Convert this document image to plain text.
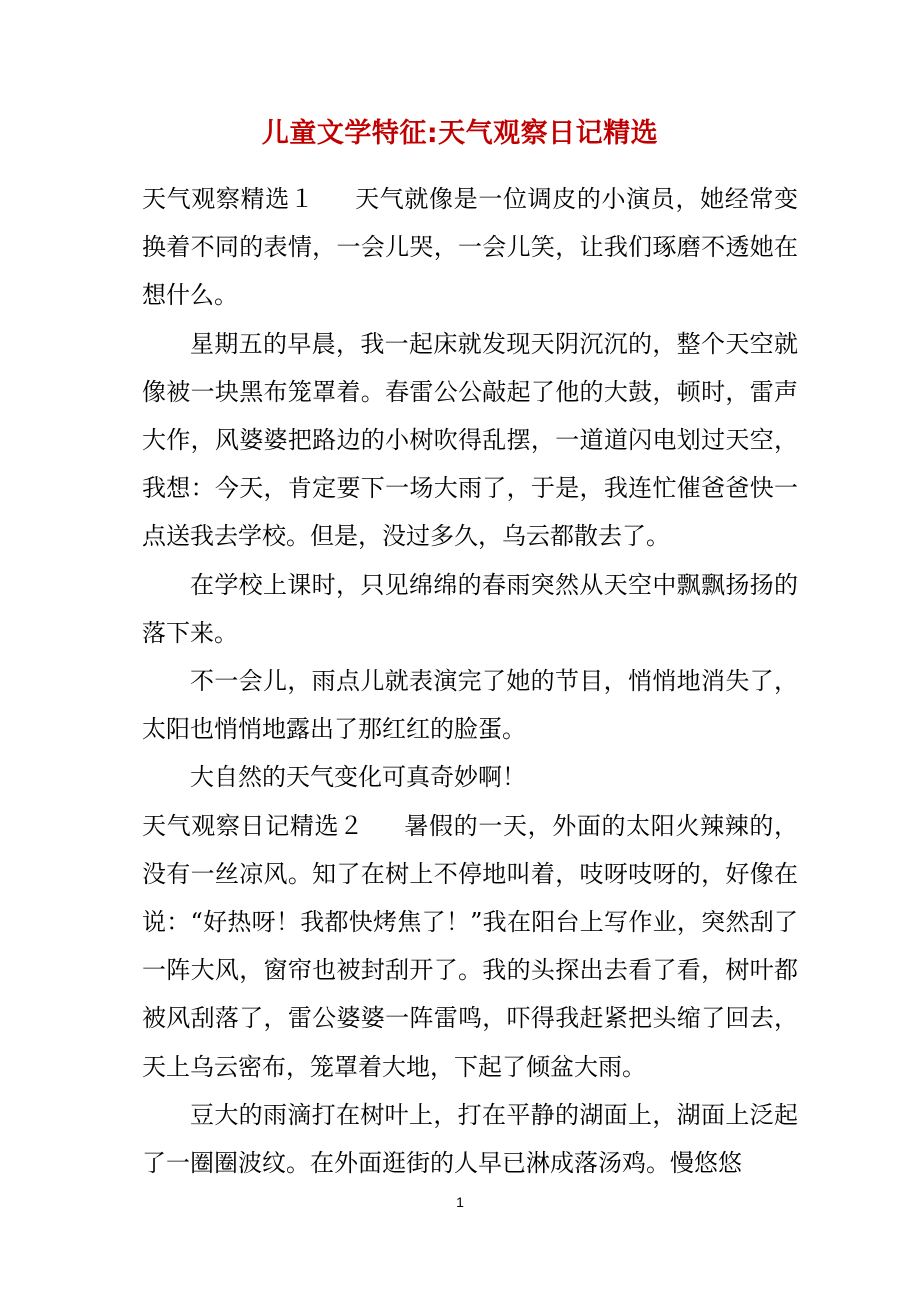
儿童文学特征:天气观察日记精选

天气观察精选１ 天气就像是一位调皮的小演员，她经常变换着不同的表情，一会儿哭，一会儿笑，让我们琢磨不透她在想什么。

星期五的早晨，我一起床就发现天阴沉沉的，整个天空就像被一块黑布笼罩着。春雷公公敲起了他的大鼓，顿时，雷声大作，风婆婆把路边的小树吹得乱摆，一道道闪电划过天空，我想：今天，肯定要下一场大雨了，于是，我连忙催爸爸快一点送我去学校。但是，没过多久，乌云都散去了。

在学校上课时，只见绵绵的春雨突然从天空中飘飘扬扬的落下来。

不一会儿，雨点儿就表演完了她的节目，悄悄地消失了，太阳也悄悄地露出了那红红的脸蛋。

大自然的天气变化可真奇妙啊！

天气观察日记精选２ 暑假的一天，外面的太阳火辣辣的，没有一丝凉风。知了在树上不停地叫着，吱呀吱呀的，好像在说：“好热呀！我都快烤焦了！”我在阳台上写作业，突然刮了一阵大风，窗帘也被封刮开了。我的头探出去看了看，树叶都被风刮落了，雷公婆婆一阵雷鸣，吓得我赶紧把头缩了回去，天上乌云密布，笼罩着大地，下起了倾盆大雨。

豆大的雨滴打在树叶上，打在平静的湖面上，湖面上泛起了一圈圈波纹。在外面逛街的人早已淋成落汤鸡。慢悠悠

1
